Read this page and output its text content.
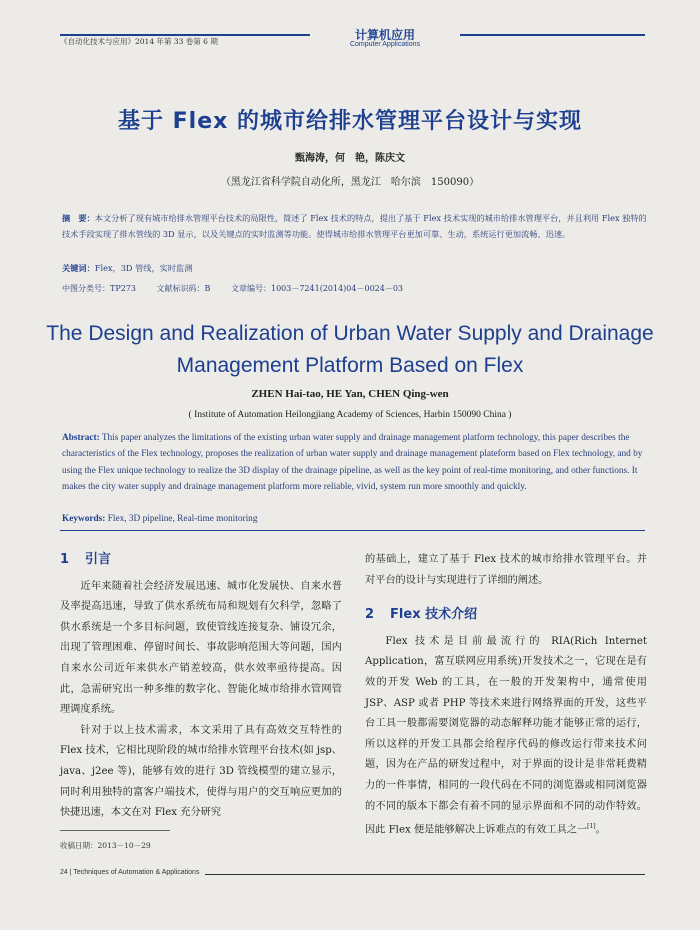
《自动化技术与应用》2014 年第 33 卷第 6 期	计算机应用
Computer Applications
基于 Flex 的城市给排水管理平台设计与实现
甄海涛，何　艳，陈庆文
（黑龙江省科学院自动化所，黑龙江　哈尔滨　150090）
摘　要：本文分析了现有城市给排水管理平台技术的局限性，简述了 Flex 技术的特点，提出了基于 Flex 技术实现的城市给排水管理平台，并且利用 Flex 独特的技术手段实现了排水管线的 3D 显示，以及关键点的实时监测等功能。使得城市给排水管理平台更加可靠、生动，系统运行更加流畅、迅速。
关键词：Flex，3D 管线，实时监测
中图分类号：TP273	文献标识码：B	文章编号：1003－7241(2014)04－0024－03
The Design and Realization of Urban Water Supply and Drainage Management Platform Based on Flex
ZHEN Hai-tao, HE Yan, CHEN Qing-wen
( Institute of Automation Heilongjiang Academy of Sciences, Harbin 150090 China )
Abstract: This paper analyzes the limitations of the existing urban water supply and drainage management platform technology, this paper describes the characteristics of the Flex technology, proposes the realization of urban water supply and drainage management plateform based on Flex technology, and by using the Flex unique technology to realize the 3D display of the drainage pipeline, as well as the key point of real-time monitoring, and other functions. It makes the city water supply and drainage management platform more reliable, vivid, system run more smoothly and quickly.
Keywords: Flex, 3D pipeline, Real-time monitoring
1 引言

近年来随着社会经济发展迅速、城市化发展快、自来水普及率提高迅速，导致了供水系统布局和规划有欠科学，忽略了供水系统是一个多目标问题，致使管线连接复杂、铺设冗余，出现了管理困难、停留时间长、事故影响范围大等问题，国内自来水公司近年来供水产销差较高，供水效率亟待提高。因此，急需研究出一种多维的数字化、智能化城市给排水管网管理调度系统。

针对于以上技术需求，本文采用了具有高效交互特性的 Flex 技术，它相比现阶段的城市给排水管理平台技术(如 jsp、java、j2ee 等)，能够有效的进行 3D 管线模型的建立显示，同时利用独特的富客户端技术，使得与用户的交互响应更加的快捷迅速，本文在对 Flex 充分研究

的基础上，建立了基于 Flex 技术的城市给排水管理平台。并对平台的设计与实现进行了详细的阐述。

2 Flex 技术介绍

Flex 技术是目前最流行的 RIA(Rich Internet Application，富互联网应用系统)开发技术之一，它现在是有效的开发 Web 的工具，在一般的开发架构中，通常使用 JSP、ASP 或者 PHP 等技术来进行网络界面的开发，这些平台工具一般都需要浏览器的动态解释功能才能够正常的运行，所以这样的开发工具都会给程序代码的修改运行带来技术问题，因为在产品的研发过程中，对于界面的设计是非常耗费精力的一件事情，相同的一段代码在不同的浏览器或相同浏览器的不同的版本下都会有着不同的显示界面和不同的动作特效。因此 Flex 便是能够解决上诉难点的有效工具之一[1]。

收稿日期：2013－10－29
24 | Techniques of Automation & Applications
